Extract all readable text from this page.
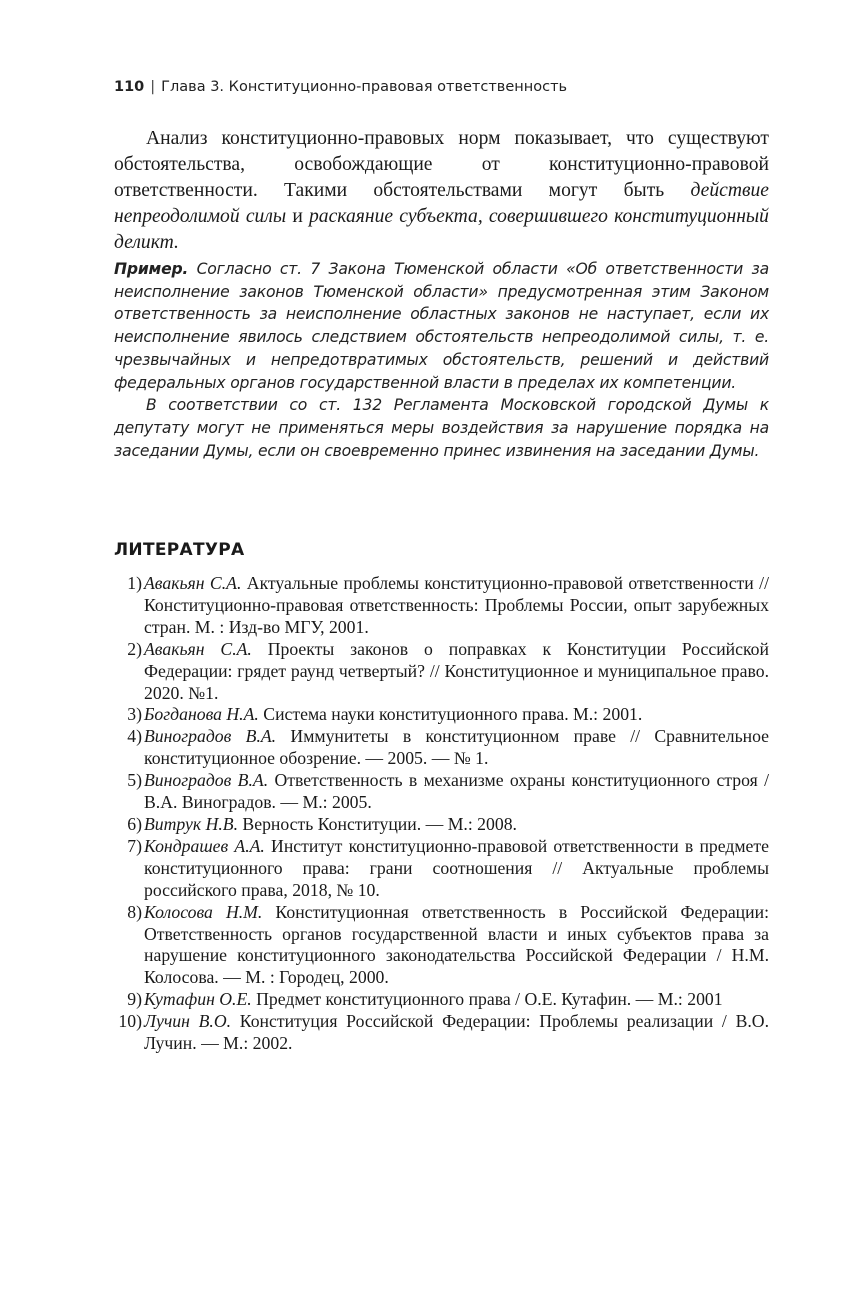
110 | Глава 3. Конституционно-правовая ответственность

Анализ конституционно-правовых норм показывает, что существуют обстоятельства, освобождающие от конституционно-правовой ответственности. Такими обстоятельствами могут быть действие непреодолимой силы и раскаяние субъекта, совершившего конституционный деликт.

Пример. Согласно ст. 7 Закона Тюменской области «Об ответственности за неисполнение законов Тюменской области» предусмотренная этим Законом ответственность за неисполнение областных законов не наступает, если их неисполнение явилось следствием обстоятельств непреодолимой силы, т. е. чрезвычайных и непредотвратимых обстоятельств, решений и действий федеральных органов государственной власти в пределах их компетенции.

В соответствии со ст. 132 Регламента Московской городской Думы к депутату могут не применяться меры воздействия за нарушение порядка на заседании Думы, если он своевременно принес извинения на заседании Думы.

ЛИТЕРАТУРА
1) Авакьян С.А. Актуальные проблемы конституционно-правовой ответственности // Конституционно-правовая ответственность: Проблемы России, опыт зарубежных стран. М. : Изд-во МГУ, 2001.
2) Авакьян С.А. Проекты законов о поправках к Конституции Российской Федерации: грядет раунд четвертый? // Конституционное и муниципальное право. 2020. №1.
3) Богданова Н.А. Система науки конституционного права. М.: 2001.
4) Виноградов В.А. Иммунитеты в конституционном праве // Сравнительное конституционное обозрение. — 2005. — № 1.
5) Виноградов В.А. Ответственность в механизме охраны конституционного строя / В.А. Виноградов. — М.: 2005.
6) Витрук Н.В. Верность Конституции. — М.: 2008.
7) Кондрашев А.А. Институт конституционно-правовой ответственности в предмете конституционного права: грани соотношения // Актуальные проблемы российского права, 2018, № 10.
8) Колосова Н.М. Конституционная ответственность в Российской Федерации: Ответственность органов государственной власти и иных субъектов права за нарушение конституционного законодательства Российской Федерации / Н.М. Колосова. — М. : Городец, 2000.
9) Кутафин О.Е. Предмет конституционного права / О.Е. Кутафин. — М.: 2001
10) Лучин В.О. Конституция Российской Федерации: Проблемы реализации / В.О. Лучин. — М.: 2002.
